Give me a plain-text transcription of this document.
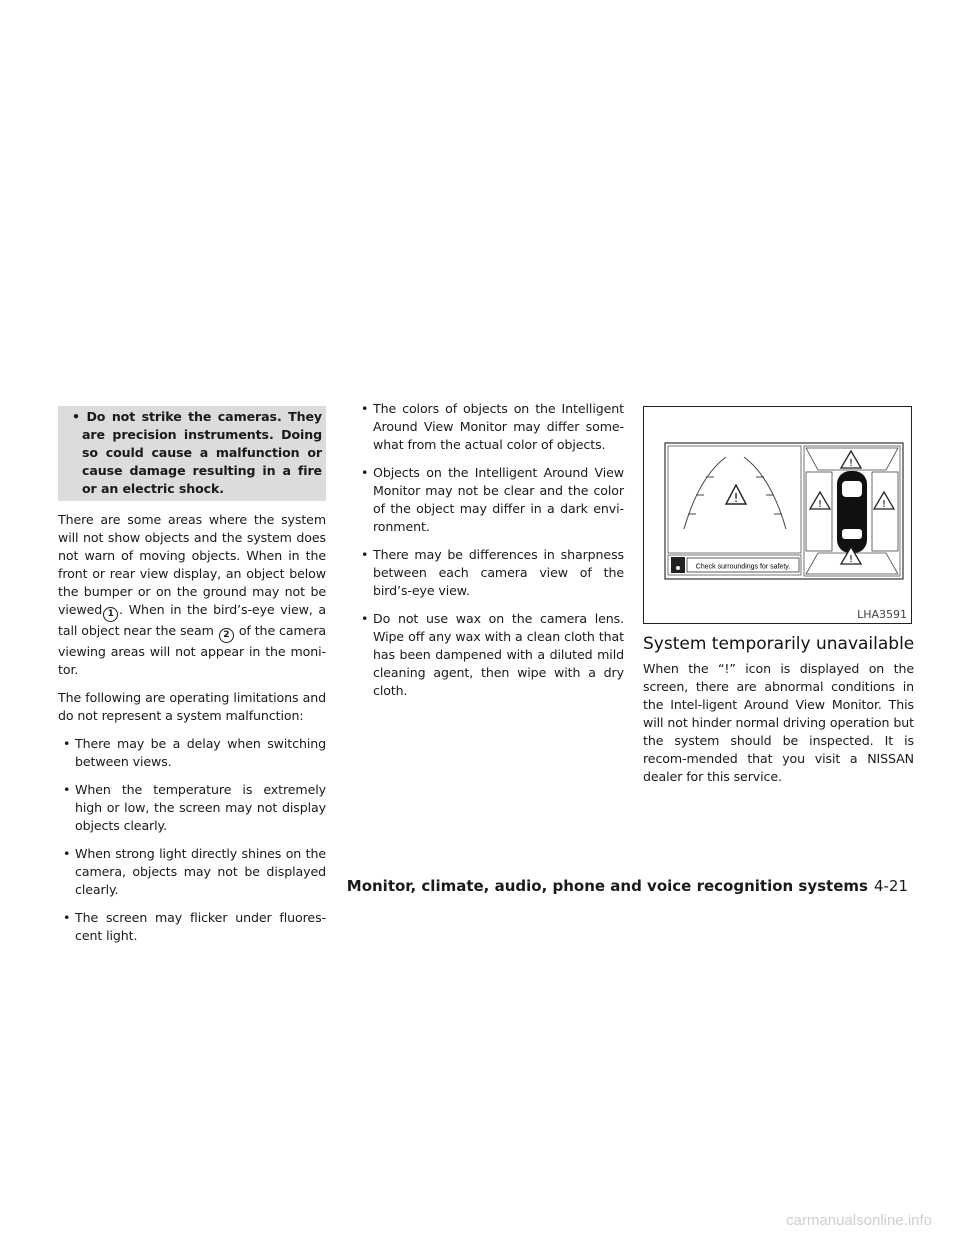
• Do not strike the cameras. They are precision instruments. Doing so could cause a malfunction or cause damage resulting in a fire or an electric shock.

There are some areas where the system will not show objects and the system does not warn of moving objects. When in the front or rear view display, an object below the bumper or on the ground may not be viewed 1 . When in the bird’s-eye view, a tall object near the seam 2 of the camera viewing areas will not appear in the moni-tor.

The following are operating limitations and do not represent a system malfunction:

• There may be a delay when switching between views.
• When the temperature is extremely high or low, the screen may not display objects clearly.
• When strong light directly shines on the camera, objects may not be displayed clearly.
• The screen may flicker under fluores-cent light.
• The colors of objects on the Intelligent Around View Monitor may differ some-what from the actual color of objects.
• Objects on the Intelligent Around View Monitor may not be clear and the color of the object may differ in a dark envi-ronment.
• There may be differences in sharpness between each camera view of the bird’s-eye view.
• Do not use wax on the camera lens. Wipe off any wax with a clean cloth that has been dampened with a diluted mild cleaning agent, then wipe with a dry cloth.
!
Check surroundings for safety.
!
!	!
!
LHA3591
System temporarily unavailable

When the “!” icon is displayed on the screen, there are abnormal conditions in the Intel-ligent Around View Monitor. This will not hinder normal driving operation but the system should be inspected. It is recom-mended that you visit a NISSAN dealer for this service.

Monitor, climate, audio, phone and voice recognition systems 4-21
carmanualsonline.info
